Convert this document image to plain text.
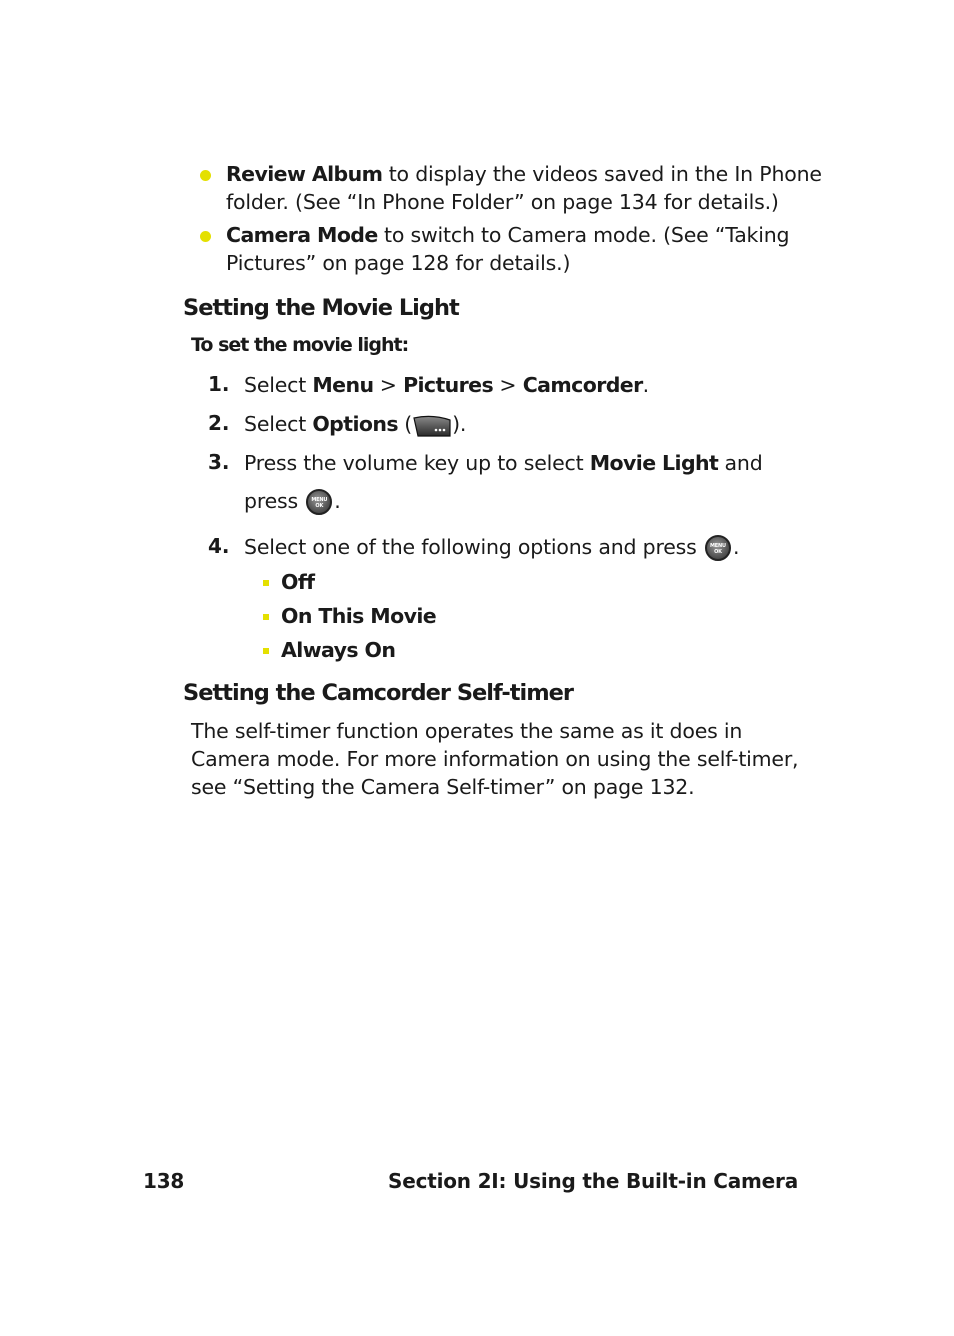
Review Album to display the videos saved in the In Phone
folder. (See “In Phone Folder” on page 134 for details.)
Camera Mode to switch to Camera mode. (See “Taking
Pictures” on page 128 for details.)
Setting the Movie Light
To set the movie light:
1. Select Menu > Pictures > Camcorder.
2. Select Options ( ).
3. Press the volume key up to select Movie Light and
press	MENU
OK .
4. Select one of the following options and press	MENU
OK .
Off
On This Movie
Always On
Setting the Camcorder Self-timer
The self-timer function operates the same as it does in
Camera mode. For more information on using the self-timer,
see “Setting the Camera Self-timer” on page 132.
138	Section 2I: Using the Built-in Camera
